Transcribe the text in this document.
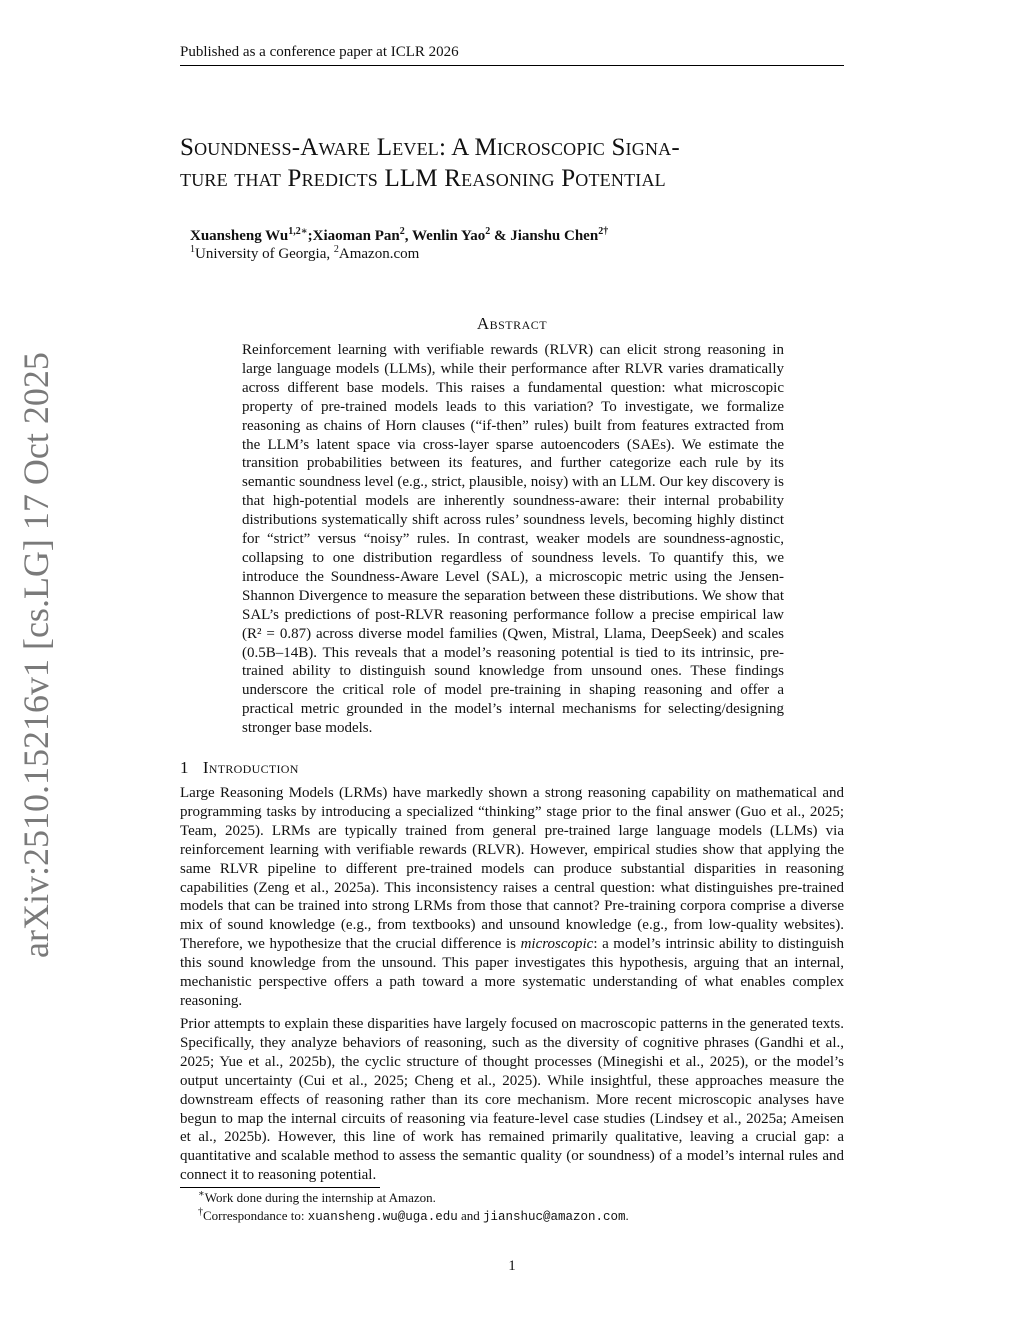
Published as a conference paper at ICLR 2026
arXiv:2510.15216v1 [cs.LG] 17 Oct 2025
Soundness-Aware Level: A Microscopic Signa-
ture that Predicts LLM Reasoning Potential
Xuansheng $Wu^{1,2∗};Xiaoman$ Pan$^2$, Wenlin Yao$^2$ & Jianshu Chen$^{2\dagger}$
$^1$University of Georgia, $^2$Amazon.com
Abstract
Reinforcement learning with verifiable rewards (RLVR) can elicit strong reasoning in large language models (LLMs), while their performance after RLVR varies dramatically across different base models. This raises a fundamental question: what microscopic property of pre-trained models leads to this variation? To investigate, we formalize reasoning as chains of Horn clauses (“if-then” rules) built from features extracted from the LLM’s latent space via cross-layer sparse autoencoders (SAEs). We estimate the transition probabilities between its features, and further categorize each rule by its semantic soundness level (e.g., strict, plausible, noisy) with an LLM. Our key discovery is that high-potential models are inherently soundness-aware: their internal probability distributions systematically shift across rules’ soundness levels, becoming highly distinct for “strict” versus “noisy” rules. In contrast, weaker models are soundness-agnostic, collapsing to one distribution regardless of soundness levels. To quantify this, we introduce the Soundness-Aware Level (SAL), a microscopic metric using the Jensen-Shannon Divergence to measure the separation between these distributions. We show that SAL’s predictions of post-RLVR reasoning performance follow a precise empirical law (R² = 0.87) across diverse model families (Qwen, Mistral, Llama, DeepSeek) and scales (0.5B–14B). This reveals that a model’s reasoning potential is tied to its intrinsic, pre-trained ability to distinguish sound knowledge from unsound ones. These findings underscore the critical role of model pre-training in shaping reasoning and offer a practical metric grounded in the model’s internal mechanisms for selecting/designing stronger base models.
1 Introduction
Large Reasoning Models (LRMs) have markedly shown a strong reasoning capability on mathematical and programming tasks by introducing a specialized “thinking” stage prior to the final answer (Guo et al., 2025; Team, 2025). LRMs are typically trained from general pre-trained large language models (LLMs) via reinforcement learning with verifiable rewards (RLVR). However, empirical studies show that applying the same RLVR pipeline to different pre-trained models can produce substantial disparities in reasoning capabilities (Zeng et al., 2025a). This inconsistency raises a central question: what distinguishes pre-trained models that can be trained into strong LRMs from those that cannot? Pre-training corpora comprise a diverse mix of sound knowledge (e.g., from textbooks) and unsound knowledge (e.g., from low-quality websites). Therefore, we hypothesize that the crucial difference is microscopic: a model’s intrinsic ability to distinguish this sound knowledge from the unsound. This paper investigates this hypothesis, arguing that an internal, mechanistic perspective offers a path toward a more systematic understanding of what enables complex reasoning.
Prior attempts to explain these disparities have largely focused on macroscopic patterns in the generated texts. Specifically, they analyze behaviors of reasoning, such as the diversity of cognitive phrases (Gandhi et al., 2025; Yue et al., 2025b), the cyclic structure of thought processes (Minegishi et al., 2025), or the model’s output uncertainty (Cui et al., 2025; Cheng et al., 2025). While insightful, these approaches measure the downstream effects of reasoning rather than its core mechanism. More recent microscopic analyses have begun to map the internal circuits of reasoning via feature-level case studies (Lindsey et al., 2025a; Ameisen et al., 2025b). However, this line of work has remained primarily qualitative, leaving a crucial gap: a quantitative and scalable method to assess the semantic quality (or soundness) of a model’s internal rules and connect it to reasoning potential.
∗Work done during the internship at Amazon.
†Correspondance to: xuansheng.wu@uga.edu and jianshuc@amazon.com.
1
